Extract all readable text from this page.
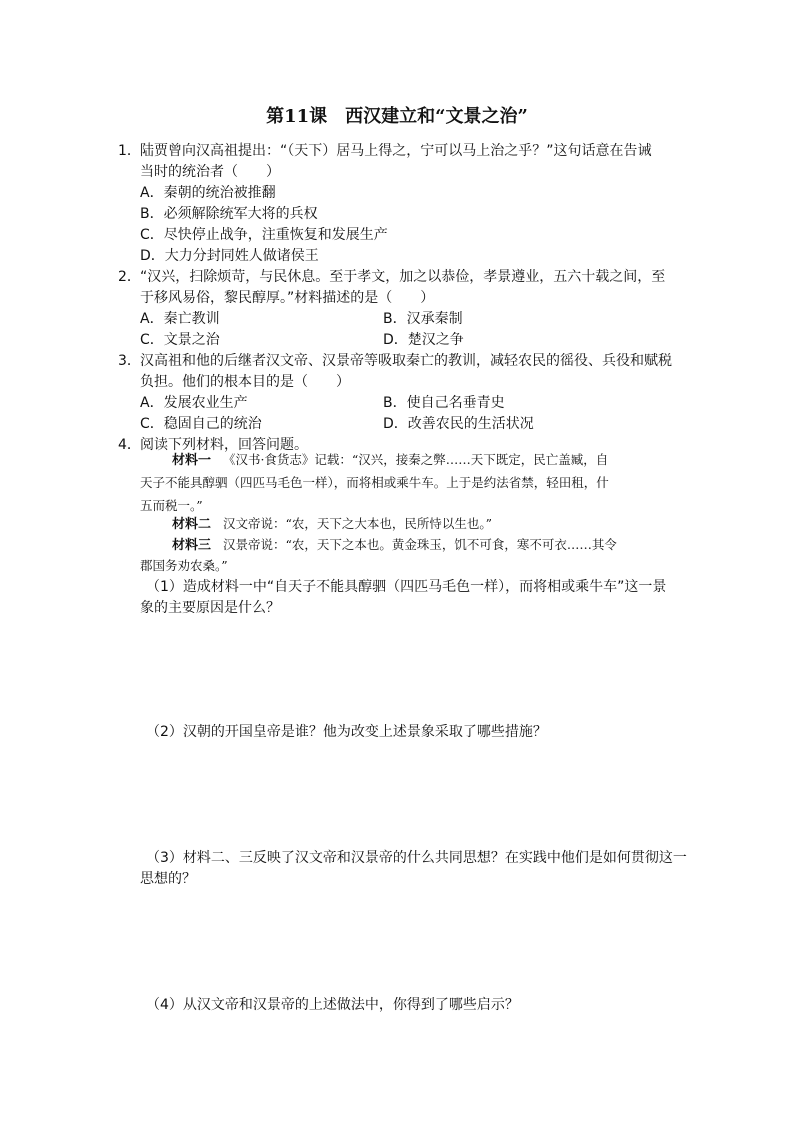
第11课　西汉建立和“文景之治”
1． 陆贾曾向汉高祖提出：“（天下）居马上得之，宁可以马上治之乎？”这句话意在告诫
当时的统治者（　　）
A．秦朝的统治被推翻
B．必须解除统军大将的兵权
C．尽快停止战争，注重恢复和发展生产
D．大力分封同姓人做诸侯王
2． “汉兴，扫除烦苛，与民休息。至于孝文，加之以恭俭，孝景遵业，五六十载之间，至
于移风易俗，黎民醇厚。”材料描述的是（　　）
A．秦亡教训	B．汉承秦制
C．文景之治	D．楚汉之争
3． 汉高祖和他的后继者汉文帝、汉景帝等吸取秦亡的教训，减轻农民的徭役、兵役和赋税
负担。他们的根本目的是（　　）
A．发展农业生产	B．使自己名垂青史
C．稳固自己的统治	D．改善农民的生活状况
4． 阅读下列材料，回答问题。
材料一 《汉书·食货志》记载：“汉兴，接秦之弊……天下既定，民亡盖臧，自
天子不能具醇驷（四匹马毛色一样），而将相或乘牛车。上于是约法省禁，轻田租，什
五而税一。”
材料二 汉文帝说：“农，天下之大本也，民所恃以生也。”
材料三 汉景帝说：“农，天下之本也。黄金珠玉，饥不可食，寒不可衣……其令
郡国务劝农桑。”
（1）造成材料一中“自天子不能具醇驷（四匹马毛色一样），而将相或乘牛车”这一景
象的主要原因是什么？
（2）汉朝的开国皇帝是谁？他为改变上述景象采取了哪些措施？
（3）材料二、三反映了汉文帝和汉景帝的什么共同思想？在实践中他们是如何贯彻这一
思想的？
（4）从汉文帝和汉景帝的上述做法中，你得到了哪些启示？
